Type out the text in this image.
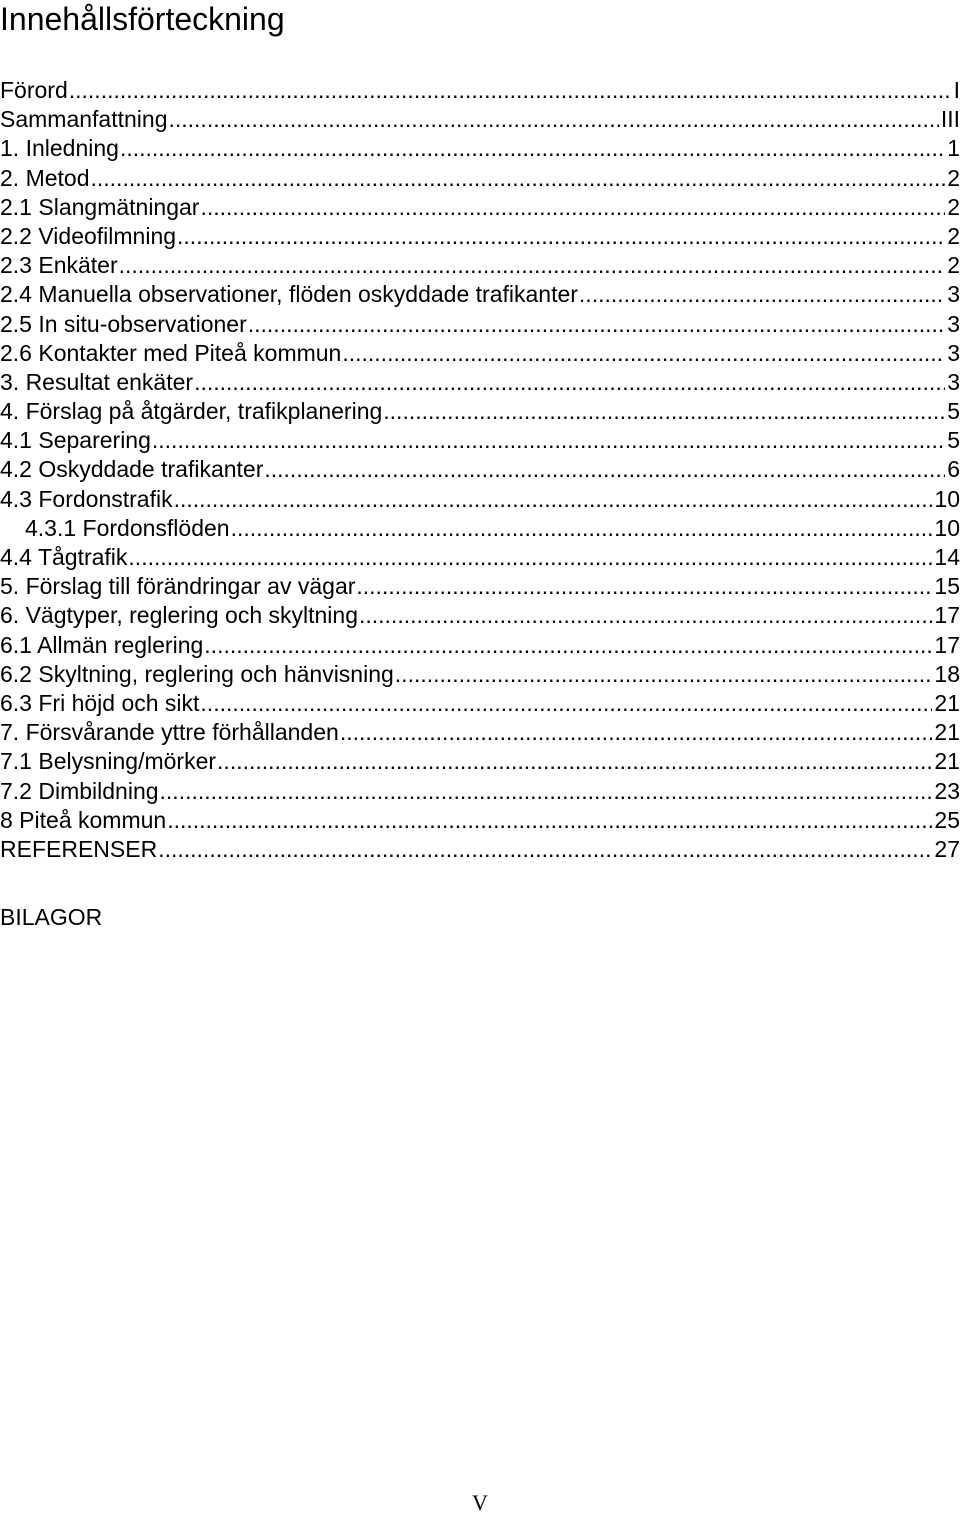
Innehållsförteckning
Förord .....	I
Sammanfattning .....	III
1. Inledning .....	1
2. Metod .....	2
2.1 Slangmätningar .....	2
2.2 Videofilmning .....	2
2.3 Enkäter .....	2
2.4 Manuella observationer, flöden oskyddade trafikanter .....	3
2.5 In situ-observationer .....	3
2.6 Kontakter med Piteå kommun .....	3
3. Resultat enkäter .....	3
4. Förslag på åtgärder, trafikplanering .....	5
4.1 Separering .....	5
4.2 Oskyddade trafikanter .....	6
4.3 Fordonstrafik .....	10
4.3.1 Fordonsflöden .....	10
4.4 Tågtrafik .....	14
5. Förslag till förändringar av vägar .....	15
6. Vägtyper, reglering och skyltning .....	17
6.1 Allmän reglering .....	17
6.2 Skyltning, reglering och hänvisning .....	18
6.3 Fri höjd och sikt .....	21
7. Försvårande yttre förhållanden .....	21
7.1 Belysning/mörker .....	21
7.2 Dimbildning .....	23
8 Piteå kommun .....	25
REFERENSER .....	27
BILAGOR
V
